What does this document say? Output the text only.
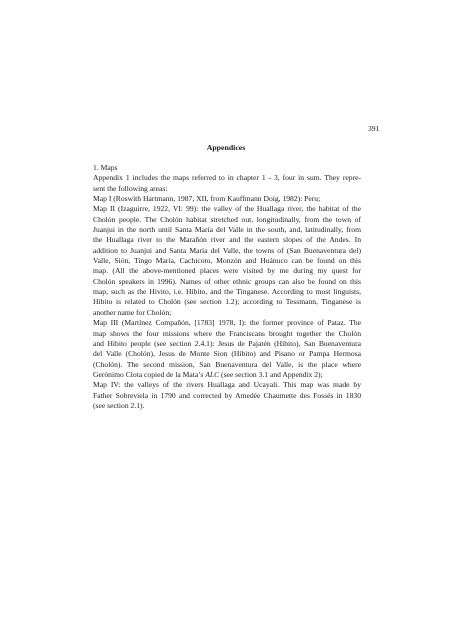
391
Appendices
1. Maps
Appendix 1 includes the maps referred to in chapter 1 - 3, four in sum. They repre-
sent the following areas:
Map I (Roswith Hartmann, 1987, XII, from Kauffmann Doig, 1982): Peru;
Map II (Izaguirre, 1922, VI: 99): the valley of the Huallaga river, the habitat of the
Cholón people. The Cholón habitat stretched out, longitudinally, from the town of
Juanjui in the north until Santa María del Valle in the south, and, latitudinally, from
the Huallaga river to the Marañón river and the eastern slopes of the Andes. In
addition to Juanjui and Santa María del Valle, the towns of (San Buenaventura del)
Valle, Sión, Tingo María, Cachicoto, Monzón and Huánuco can be found on this
map. (All the above-mentioned places were visited by me during my quest for
Cholón speakers in 1996). Names of other ethnic groups can also be found on this
map, such as the Hivito, i.e. Hibito, and the Tinganese. According to most linguists,
Hibito is related to Cholón (see section 1.2); according to Tessmann, Tinganese is
another name for Cholón;
Map III (Martínez Compañón, [1783] 1978, I): the former province of Pataz. The
map shows the four missions where the Franciscans brought together the Cholón
and Hibito people (see section 2.4.1): Jesus de Pajatén (Hibito), San Buenaventura
del Valle (Cholón), Jesus de Monte Sion (Hibito) and Pisano or Pampa Hermosa
(Cholón). The second mission, San Buenaventura del Valle, is the place where
Gerónimo Clota copied de la Mata’s ALC (see section 3.1 and Appendix 2);
Map IV: the valleys of the rivers Huallaga and Ucayali. This map was made by
Father Sobreviela in 1790 and corrected by Amedée Chaumette des Fossés in 1830
(see section 2.1).
